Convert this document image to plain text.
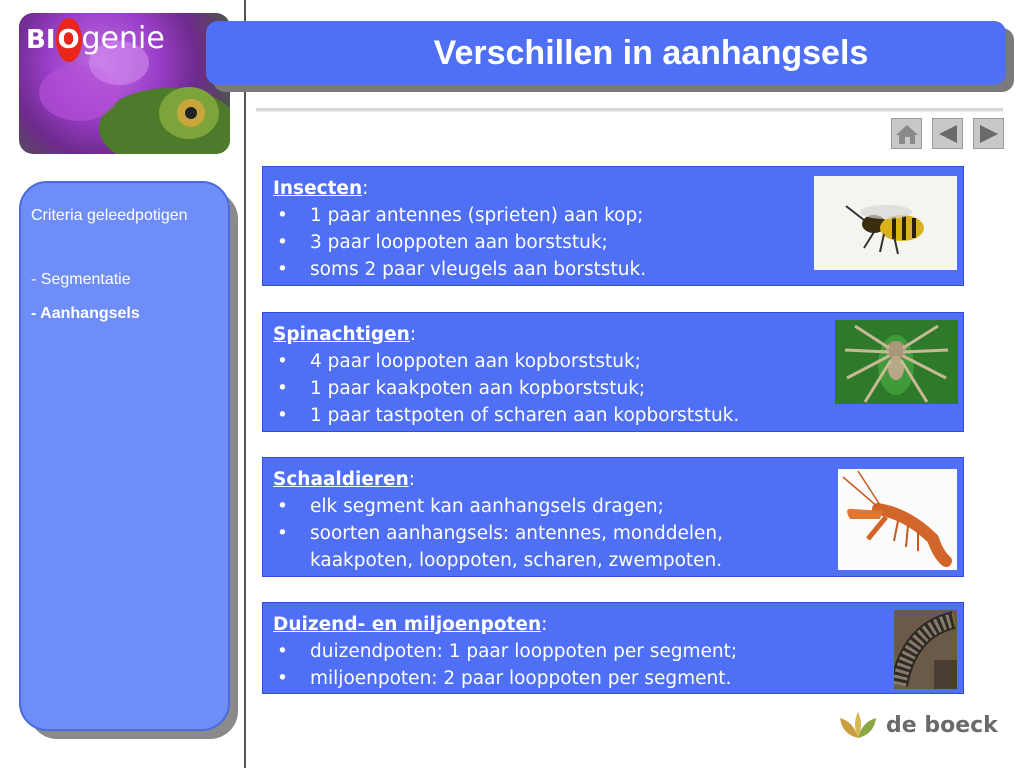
BIOgenie	Verschillen in aanhangsels
Criteria geleedpotigen
- Segmentatie
- Aanhangsels
Insecten:
•	1 paar antennes (sprieten) aan kop;
•	3 paar looppoten aan borststuk;
•	soms 2 paar vleugels aan borststuk.
Spinachtigen:
•	4 paar looppoten aan kopborststuk;
•	1 paar kaakpoten aan kopborststuk;
•	1 paar tastpoten of scharen aan kopborststuk.
Schaaldieren:
•	elk segment kan aanhangsels dragen;
•	soorten aanhangsels: antennes, monddelen,
kaakpoten, looppoten, scharen, zwempoten.
Duizend- en miljoenpoten:
•	duizendpoten: 1 paar looppoten per segment;
•	miljoenpoten: 2 paar looppoten per segment.
de boeck
